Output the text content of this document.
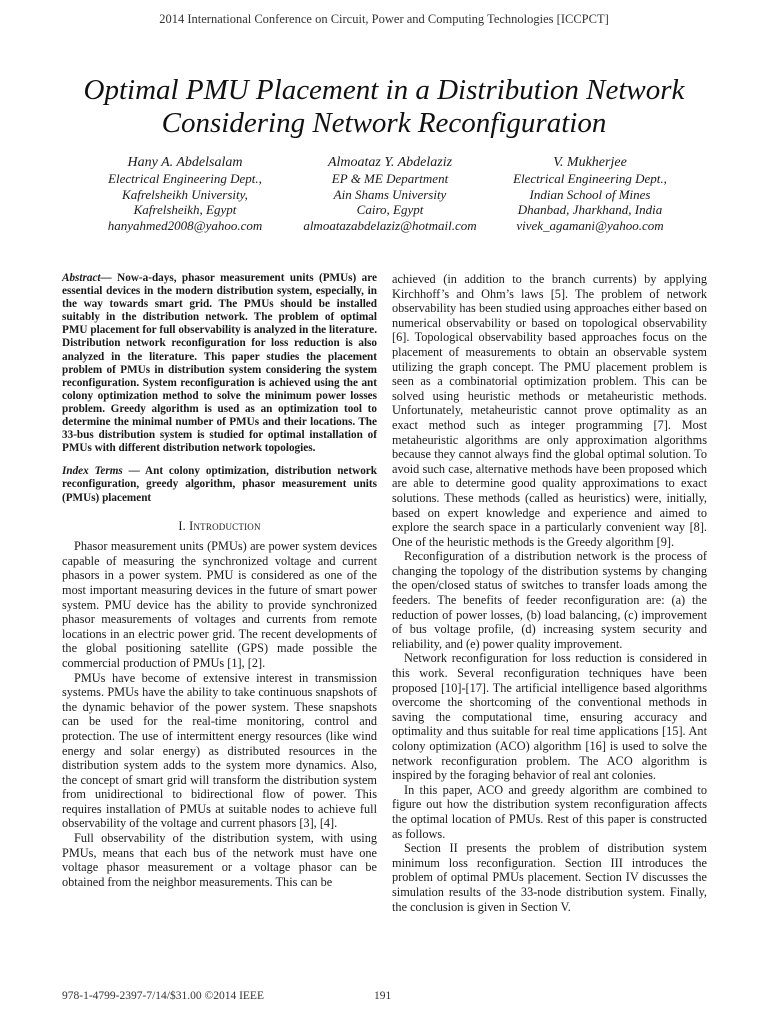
2014 International Conference on Circuit, Power and Computing Technologies [ICCPCT]
Optimal PMU Placement in a Distribution Network
Considering Network Reconfiguration
Hany A. Abdelsalam
Electrical Engineering Dept.,
Kafrelsheikh University,
Kafrelsheikh, Egypt
hanyahmed2008@yahoo.com
Almoataz Y. Abdelaziz
EP & ME Department
Ain Shams University
Cairo, Egypt
almoatazabdelaziz@hotmail.com
V. Mukherjee
Electrical Engineering Dept.,
Indian School of Mines
Dhanbad, Jharkhand, India
vivek_agamani@yahoo.com
Abstract— Now-a-days, phasor measurement units (PMUs) are essential devices in the modern distribution system, especially, in the way towards smart grid. The PMUs should be installed suitably in the distribution network. The problem of optimal PMU placement for full observability is analyzed in the literature. Distribution network reconfiguration for loss reduction is also analyzed in the literature. This paper studies the placement problem of PMUs in distribution system considering the system reconfiguration. System reconfiguration is achieved using the ant colony optimization method to solve the minimum power losses problem. Greedy algorithm is used as an optimization tool to determine the minimal number of PMUs and their locations. The 33-bus distribution system is studied for optimal installation of PMUs with different distribution network topologies.
Index Terms — Ant colony optimization, distribution network reconfiguration, greedy algorithm, phasor measurement units (PMUs) placement
I. Introduction

Phasor measurement units (PMUs) are power system devices capable of measuring the synchronized voltage and current phasors in a power system. PMU is considered as one of the most important measuring devices in the future of smart power system. PMU device has the ability to provide synchronized phasor measurements of voltages and currents from remote locations in an electric power grid. The recent developments of the global positioning satellite (GPS) made possible the commercial production of PMUs [1], [2].

PMUs have become of extensive interest in transmission systems. PMUs have the ability to take continuous snapshots of the dynamic behavior of the power system. These snapshots can be used for the real-time monitoring, control and protection. The use of intermittent energy resources (like wind energy and solar energy) as distributed resources in the distribution system adds to the system more dynamics. Also, the concept of smart grid will transform the distribution system from unidirectional to bidirectional flow of power. This requires installation of PMUs at suitable nodes to achieve full observability of the voltage and current phasors [3], [4].

Full observability of the distribution system, with using PMUs, means that each bus of the network must have one voltage phasor measurement or a voltage phasor can be obtained from the neighbor measurements. This can be

achieved (in addition to the branch currents) by applying Kirchhoff’s and Ohm’s laws [5]. The problem of network observability has been studied using approaches either based on numerical observability or based on topological observability [6]. Topological observability based approaches focus on the placement of measurements to obtain an observable system utilizing the graph concept. The PMU placement problem is seen as a combinatorial optimization problem. This can be solved using heuristic methods or metaheuristic methods. Unfortunately, metaheuristic cannot prove optimality as an exact method such as integer programming [7]. Most metaheuristic algorithms are only approximation algorithms because they cannot always find the global optimal solution. To avoid such case, alternative methods have been proposed which are able to determine good quality approximations to exact solutions. These methods (called as heuristics) were, initially, based on expert knowledge and experience and aimed to explore the search space in a particularly convenient way [8]. One of the heuristic methods is the Greedy algorithm [9].

Reconfiguration of a distribution network is the process of changing the topology of the distribution systems by changing the open/closed status of switches to transfer loads among the feeders. The benefits of feeder reconfiguration are: (a) the reduction of power losses, (b) load balancing, (c) improvement of bus voltage profile, (d) increasing system security and reliability, and (e) power quality improvement.

Network reconfiguration for loss reduction is considered in this work. Several reconfiguration techniques have been proposed [10]-[17]. The artificial intelligence based algorithms overcome the shortcoming of the conventional methods in saving the computational time, ensuring accuracy and optimality and thus suitable for real time applications [15]. Ant colony optimization (ACO) algorithm [16] is used to solve the network reconfiguration problem. The ACO algorithm is inspired by the foraging behavior of real ant colonies.

In this paper, ACO and greedy algorithm are combined to figure out how the distribution system reconfiguration affects the optimal location of PMUs. Rest of this paper is constructed as follows.

Section II presents the problem of distribution system minimum loss reconfiguration. Section III introduces the problem of optimal PMUs placement. Section IV discusses the simulation results of the 33-node distribution system. Finally, the conclusion is given in Section V.

978-1-4799-2397-7/14/$31.00 ©2014 IEEE	191
